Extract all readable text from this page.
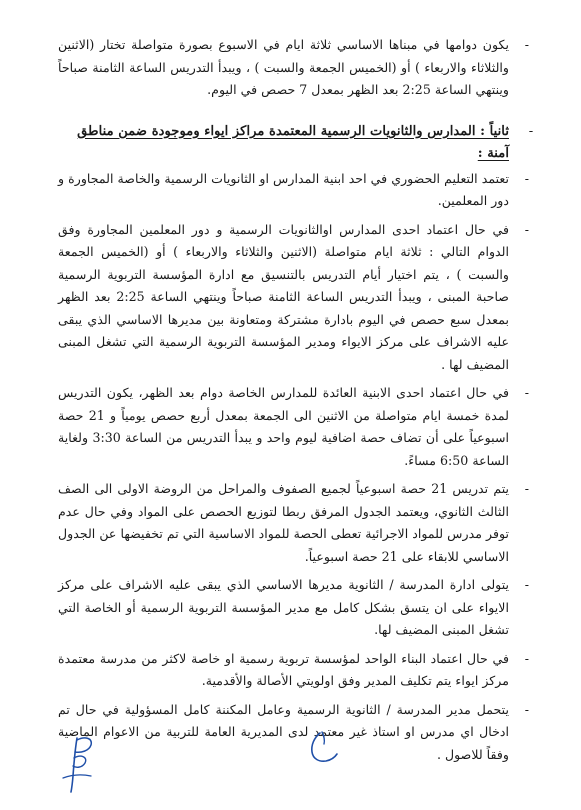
-
يكون دوامها في مبناها الاساسي ثلاثة ايام في الاسبوع بصورة متواصلة تختار (الاثنين والثلاثاء والاربعاء ) أو (الخميس الجمعة والسبت ) ، ويبدأ التدريس الساعة الثامنة صباحاً وينتهي الساعة 2:25 بعد الظهر بمعدل 7 حصص في اليوم.

-
ثانياً : المدارس والثانويات الرسمية المعتمدة مراكز ايواء وموجودة ضمن مناطق آمنة :

-
تعتمد التعليم الحضوري في احد ابنية المدارس او الثانويات الرسمية والخاصة المجاورة و دور المعلمين.

-
في حال اعتماد احدى المدارس اوالثانويات الرسمية و دور المعلمين المجاورة وفق الدوام التالي : ثلاثة ايام متواصلة (الاثنين والثلاثاء والاربعاء ) أو (الخميس الجمعة والسبت ) ، يتم اختيار أيام التدريس بالتنسيق مع ادارة المؤسسة التربوية الرسمية صاحبة المبنى ، ويبدأ التدريس الساعة الثامنة صباحاً وينتهي الساعة 2:25 بعد الظهر بمعدل سبع حصص في اليوم بادارة مشتركة ومتعاونة بين مديرها الاساسي الذي يبقى عليه الاشراف على مركز الايواء ومدير المؤسسة التربوية الرسمية التي تشغل المبنى المضيف لها .

-
في حال اعتماد احدى الابنية العائدة للمدارس الخاصة دوام بعد الظهر، يكون التدريس لمدة خمسة ايام متواصلة من الاثنين الى الجمعة بمعدل أربع حصص يومياً و 21 حصة اسبوعياً على أن تضاف حصة اضافية ليوم واحد و يبدأ التدريس من الساعة 3:30 ولغاية الساعة 6:50 مساءً.

-
يتم تدريس 21 حصة اسبوعياً لجميع الصفوف والمراحل من الروضة الاولى الى الصف الثالث الثانوي، ويعتمد الجدول المرفق ربطا لتوزيع الحصص على المواد وفي حال عدم توفر مدرس للمواد الاجرائية تعطى الحصة للمواد الاساسية التي تم تخفيضها عن الجدول الاساسي للابقاء على 21 حصة اسبوعياً.

-
يتولى ادارة المدرسة / الثانوية مديرها الاساسي الذي يبقى عليه الاشراف على مركز الايواء على ان يتسق بشكل كامل مع مدير المؤسسة التربوية الرسمية أو الخاصة التي تشغل المبنى المضيف لها.

-
في حال اعتماد البناء الواحد لمؤسسة تربوية رسمية او خاصة لاكثر من مدرسة معتمدة مركز ايواء يتم تكليف المدير وفق اولويتي الأصالة والأقدمية.

-
يتحمل مدير المدرسة / الثانوية الرسمية وعامل المكننة كامل المسؤولية في حال تم ادخال اي مدرس او استاذ غير معتمد لدى المديرية العامة للتربية من الاعوام الماضية وفقاً للاصول .
